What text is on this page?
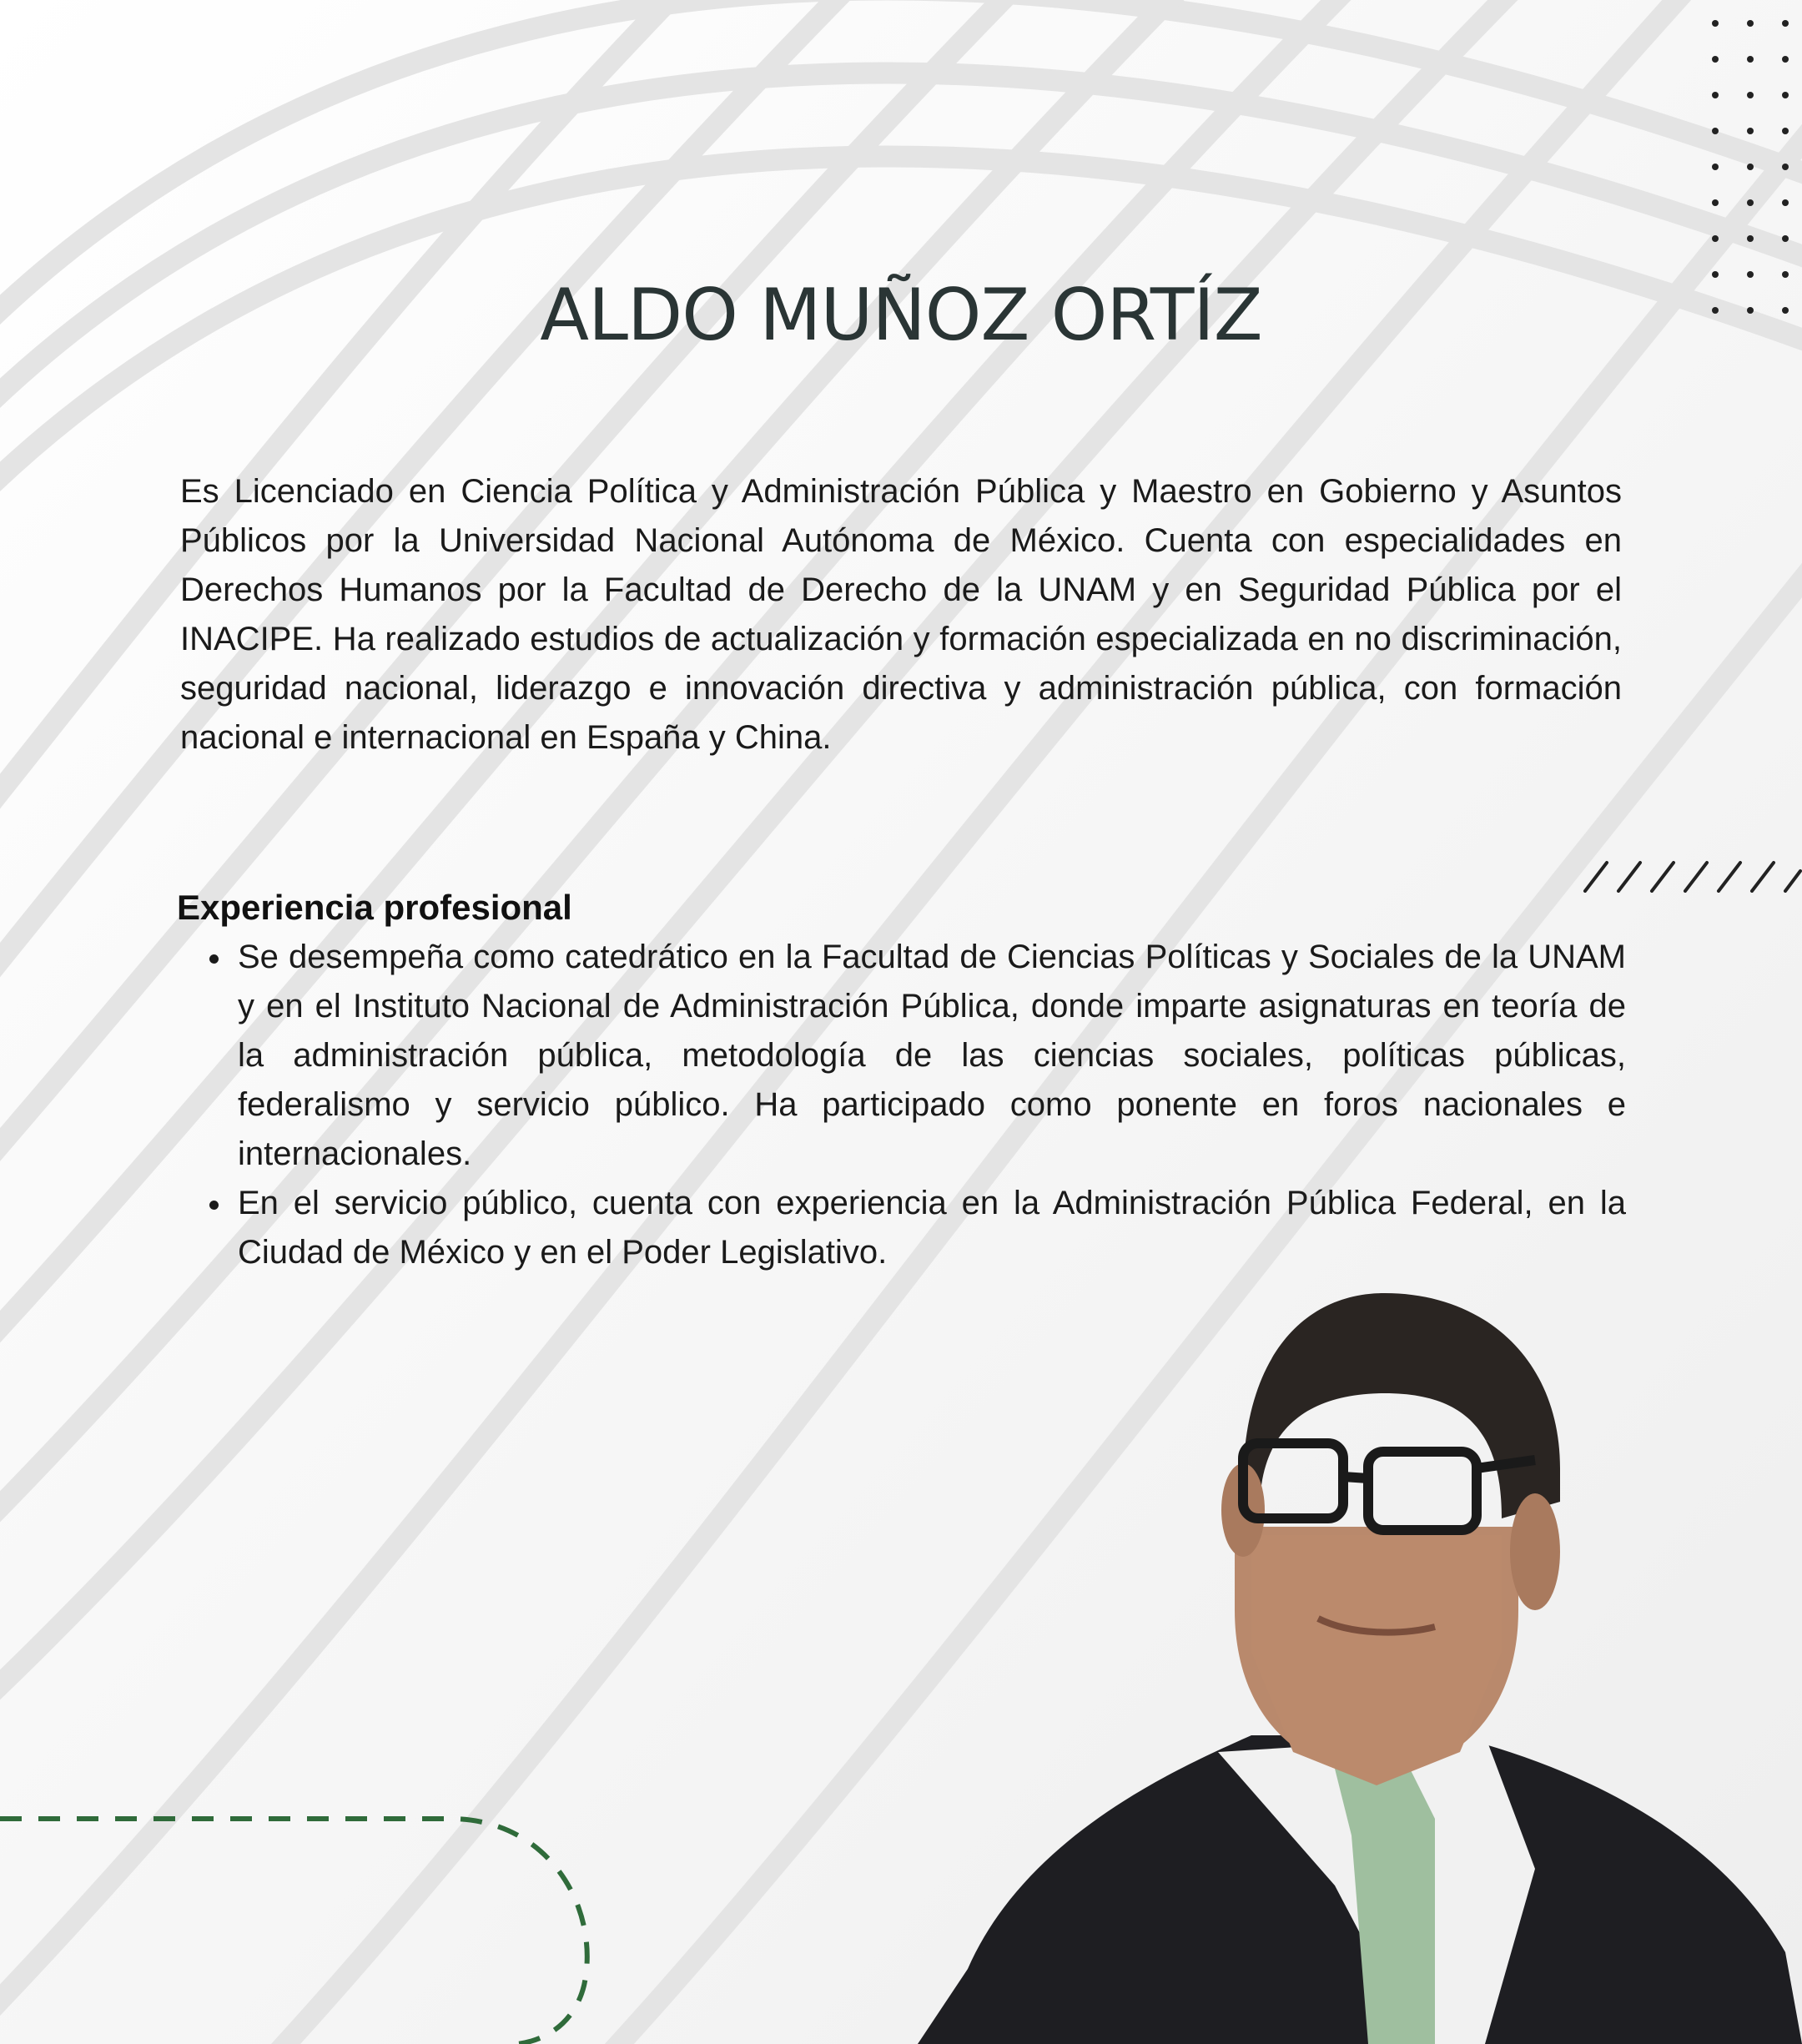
ALDO MUÑOZ ORTÍZ

Es Licenciado en Ciencia Política y Administración Pública y Maestro en Gobierno y Asuntos Públicos por la Universidad Nacional Autónoma de México. Cuenta con especialidades en Derechos Humanos por la Facultad de Derecho de la UNAM y en Seguridad Pública por el INACIPE. Ha realizado estudios de actualización y formación especializada en no discriminación, seguridad nacional, liderazgo e innovación directiva y administración pública, con formación nacional e internacional en España y China.

Experiencia profesional
Se desempeña como catedrático en la Facultad de Ciencias Políticas y Sociales de la UNAM y en el Instituto Nacional de Administración Pública, donde imparte asignaturas en teoría de la administración pública, metodología de las ciencias sociales, políticas públicas, federalismo y servicio público. Ha participado como ponente en foros nacionales e internacionales.
En el servicio público, cuenta con experiencia en la Administración Pública Federal, en la Ciudad de México y en el Poder Legislativo.
